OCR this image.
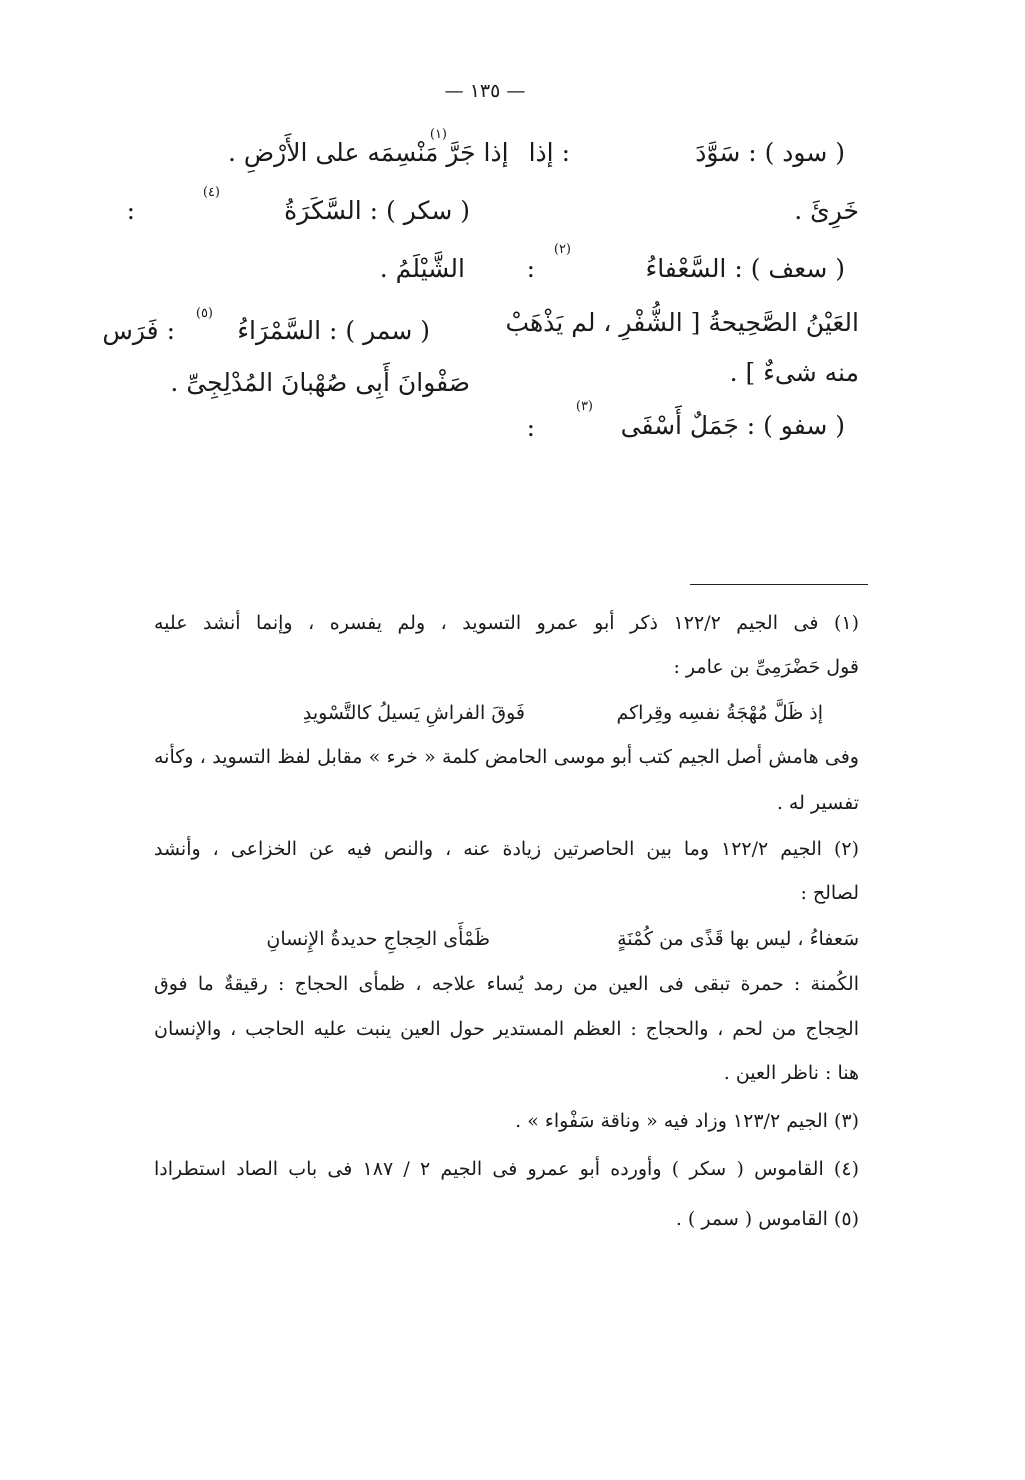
— ١٣٥ —
( سود ) : سَوَّدَ
(١)
: إذا
إذا جَرَّ مَنْسِمَه على الأَرْضِ .
خَرِئَ .
( سكر ) : السَّكَرَةُ
(٤)
:
( سعف ) : السَّعْفاءُ
(٢)
:
الشَّيْلَمُ .
العَيْنُ الصَّحِيحةُ [ الشُّفْرِ ، لم يَذْهَبْ
( سمر ) : السَّمْرَاءُ
(٥)
: فَرَس
منه شىءٌ ] .
صَفْوانَ أَبِى صُهْبانَ المُدْلِجِىِّ .
( سفو ) : جَمَلٌ أَسْفَى
(٣)
:
(١) فى الجيم ١٢٢/٢ ذكر أبو عمرو التسويد ، ولم يفسره ، وإنما أنشد عليه
قول حَضْرَمِىِّ بن عامر :
إذ ظَلَّ مُهْجَةُ نفسِه وقِراكم
فَوقَ الفراشِ يَسيلُ كالتَّسْويدِ
وفى هامش أصل الجيم كتب أبو موسى الحامض كلمة « خرء » مقابل لفظ التسويد ، وكأنه
تفسير له .
(٢) الجيم ١٢٢/٢ وما بين الحاصرتين زيادة عنه ، والنص فيه عن الخزاعى ، وأنشد
لصالح :
سَعفاءُ ، ليس بها قَذًى من كُمْنَةٍ
ظَمْأَى الحِجاجِ حديدةُ الإِنسانِ
الكُمنة : حمرة تبقى فى العين من رمد يُساء علاجه ، ظمأى الحجاج : رقيقةٌ ما فوق
الحِجاج من لحم ، والحجاج : العظم المستدير حول العين ينبت عليه الحاجب ، والإنسان
هنا : ناظر العين .
(٣) الجيم ١٢٣/٢ وزاد فيه « وناقة سَفْواء » .
(٤) القاموس ( سكر ) وأورده أبو عمرو فى الجيم ٢ / ١٨٧ فى باب الصاد استطرادا
(٥) القاموس ( سمر ) .
